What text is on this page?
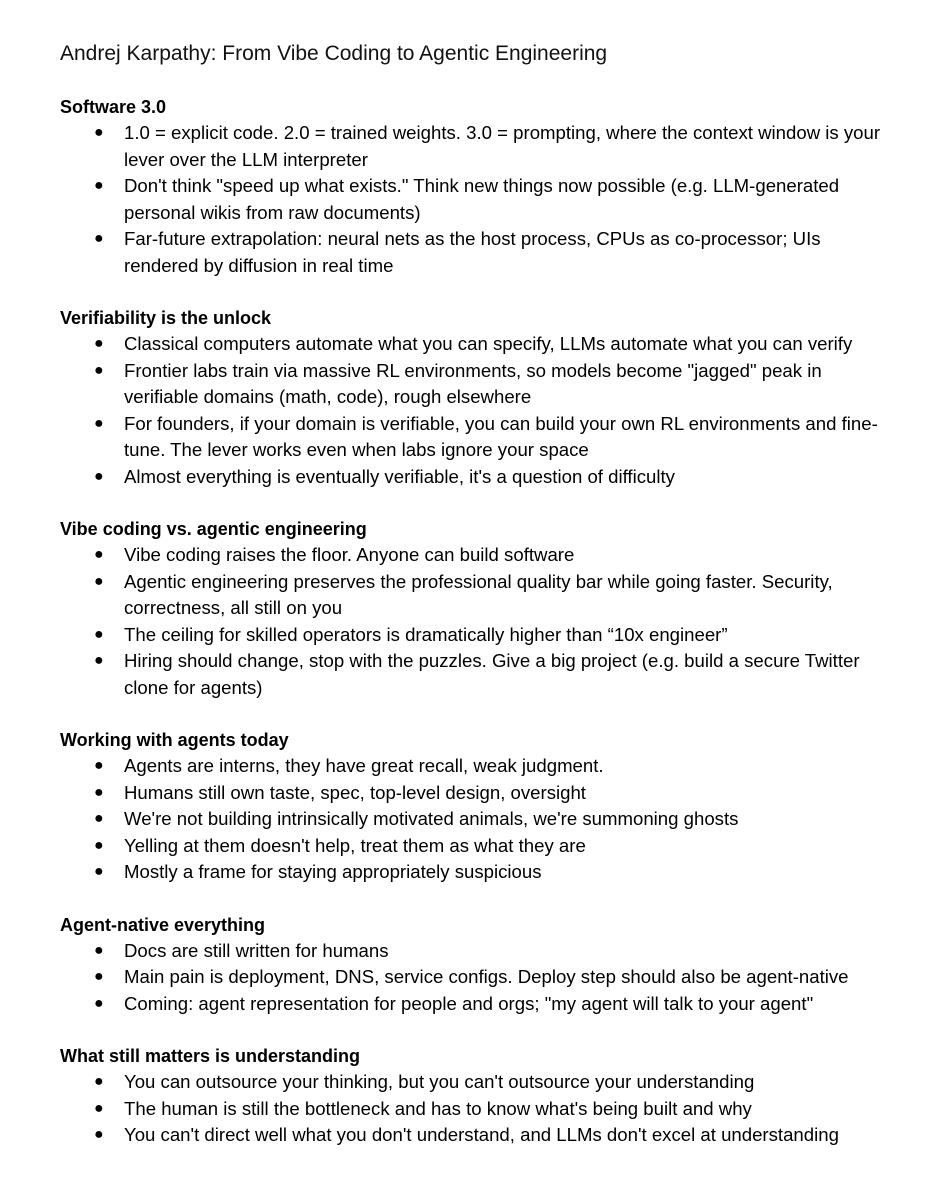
Andrej Karpathy: From Vibe Coding to Agentic Engineering
Software 3.0
● 1.0 = explicit code. 2.0 = trained weights. 3.0 = prompting, where the context window is your lever over the LLM interpreter
● Don't think "speed up what exists." Think new things now possible (e.g. LLM-generated personal wikis from raw documents)
● Far-future extrapolation: neural nets as the host process, CPUs as co-processor; UIs rendered by diffusion in real time
Verifiability is the unlock
● Classical computers automate what you can specify, LLMs automate what you can verify
● Frontier labs train via massive RL environments, so models become "jagged" peak in verifiable domains (math, code), rough elsewhere
● For founders, if your domain is verifiable, you can build your own RL environments and fine-tune. The lever works even when labs ignore your space
● Almost everything is eventually verifiable, it's a question of difficulty
Vibe coding vs. agentic engineering
● Vibe coding raises the floor. Anyone can build software
● Agentic engineering preserves the professional quality bar while going faster. Security, correctness, all still on you
● The ceiling for skilled operators is dramatically higher than “10x engineer”
● Hiring should change, stop with the puzzles. Give a big project (e.g. build a secure Twitter clone for agents)
Working with agents today
● Agents are interns, they have great recall, weak judgment.
● Humans still own taste, spec, top-level design, oversight
● We're not building intrinsically motivated animals, we're summoning ghosts
● Yelling at them doesn't help, treat them as what they are
● Mostly a frame for staying appropriately suspicious
Agent-native everything
● Docs are still written for humans
● Main pain is deployment, DNS, service configs. Deploy step should also be agent-native
● Coming: agent representation for people and orgs; "my agent will talk to your agent"
What still matters is understanding
● You can outsource your thinking, but you can't outsource your understanding
● The human is still the bottleneck and has to know what's being built and why
● You can't direct well what you don't understand, and LLMs don't excel at understanding
